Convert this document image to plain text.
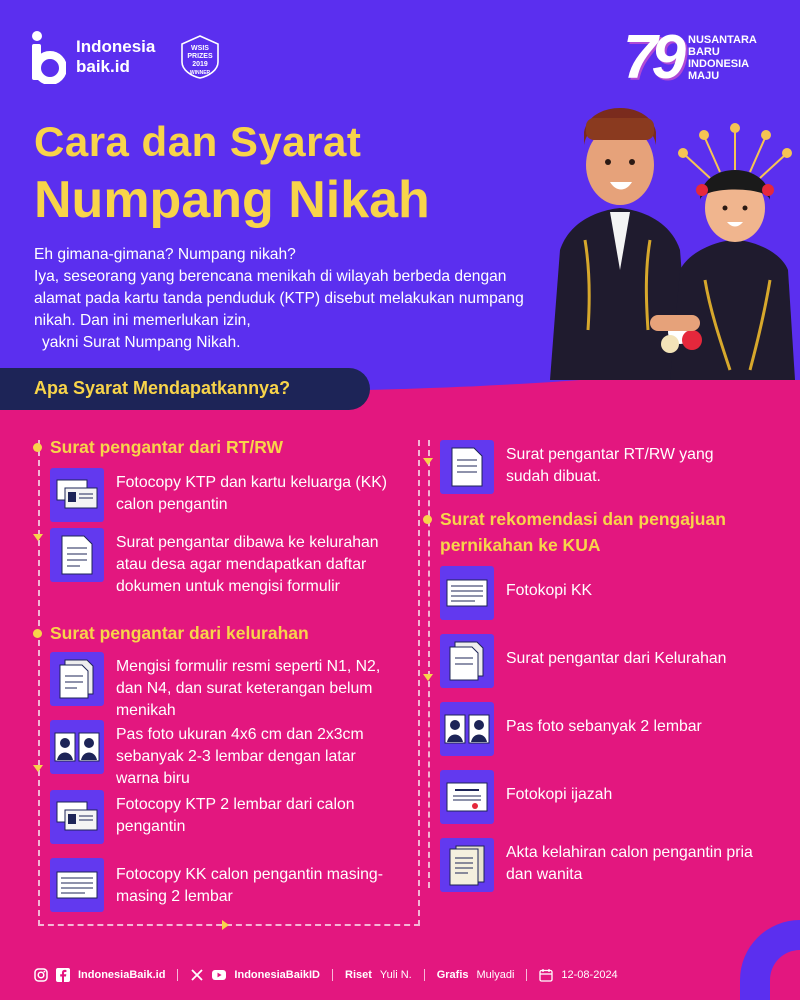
Indonesia
baik.id
WSIS
PRIZES
2019
WINNER	79 NUSANTARA
BARU
INDONESIA
MAJU
Cara dan Syarat
Numpang Nikah

Eh gimana-gimana? Numpang nikah?

Iya, seseorang yang berencana menikah di wilayah berbeda dengan alamat pada kartu tanda penduduk (KTP) disebut melakukan numpang nikah. Dan ini memerlukan izin,

yakni Surat Numpang Nikah.

Apa Syarat Mendapatkannya?
Surat pengantar dari RT/RW
Fotocopy KTP dan kartu keluarga (KK) calon pengantin
Surat pengantar dibawa ke kelurahan atau desa agar mendapatkan daftar dokumen untuk mengisi formulir
Surat pengantar dari kelurahan
Mengisi formulir resmi seperti N1, N2, dan N4, dan surat keterangan belum menikah
Pas foto ukuran 4x6 cm dan 2x3cm sebanyak 2-3 lembar dengan latar warna biru
Fotocopy KTP 2 lembar dari calon pengantin
Fotocopy KK calon pengantin masing-masing 2 lembar
Surat pengantar RT/RW yang sudah dibuat.
Surat rekomendasi dan pengajuan pernikahan ke KUA
Fotokopi KK
Surat pengantar dari Kelurahan
Pas foto sebanyak 2 lembar
Fotokopi ijazah
Akta kelahiran calon pengantin pria dan wanita
IndonesiaBaik.id	IndonesiaBaikID Riset Yuli N. Grafis Mulyadi	12-08-2024
